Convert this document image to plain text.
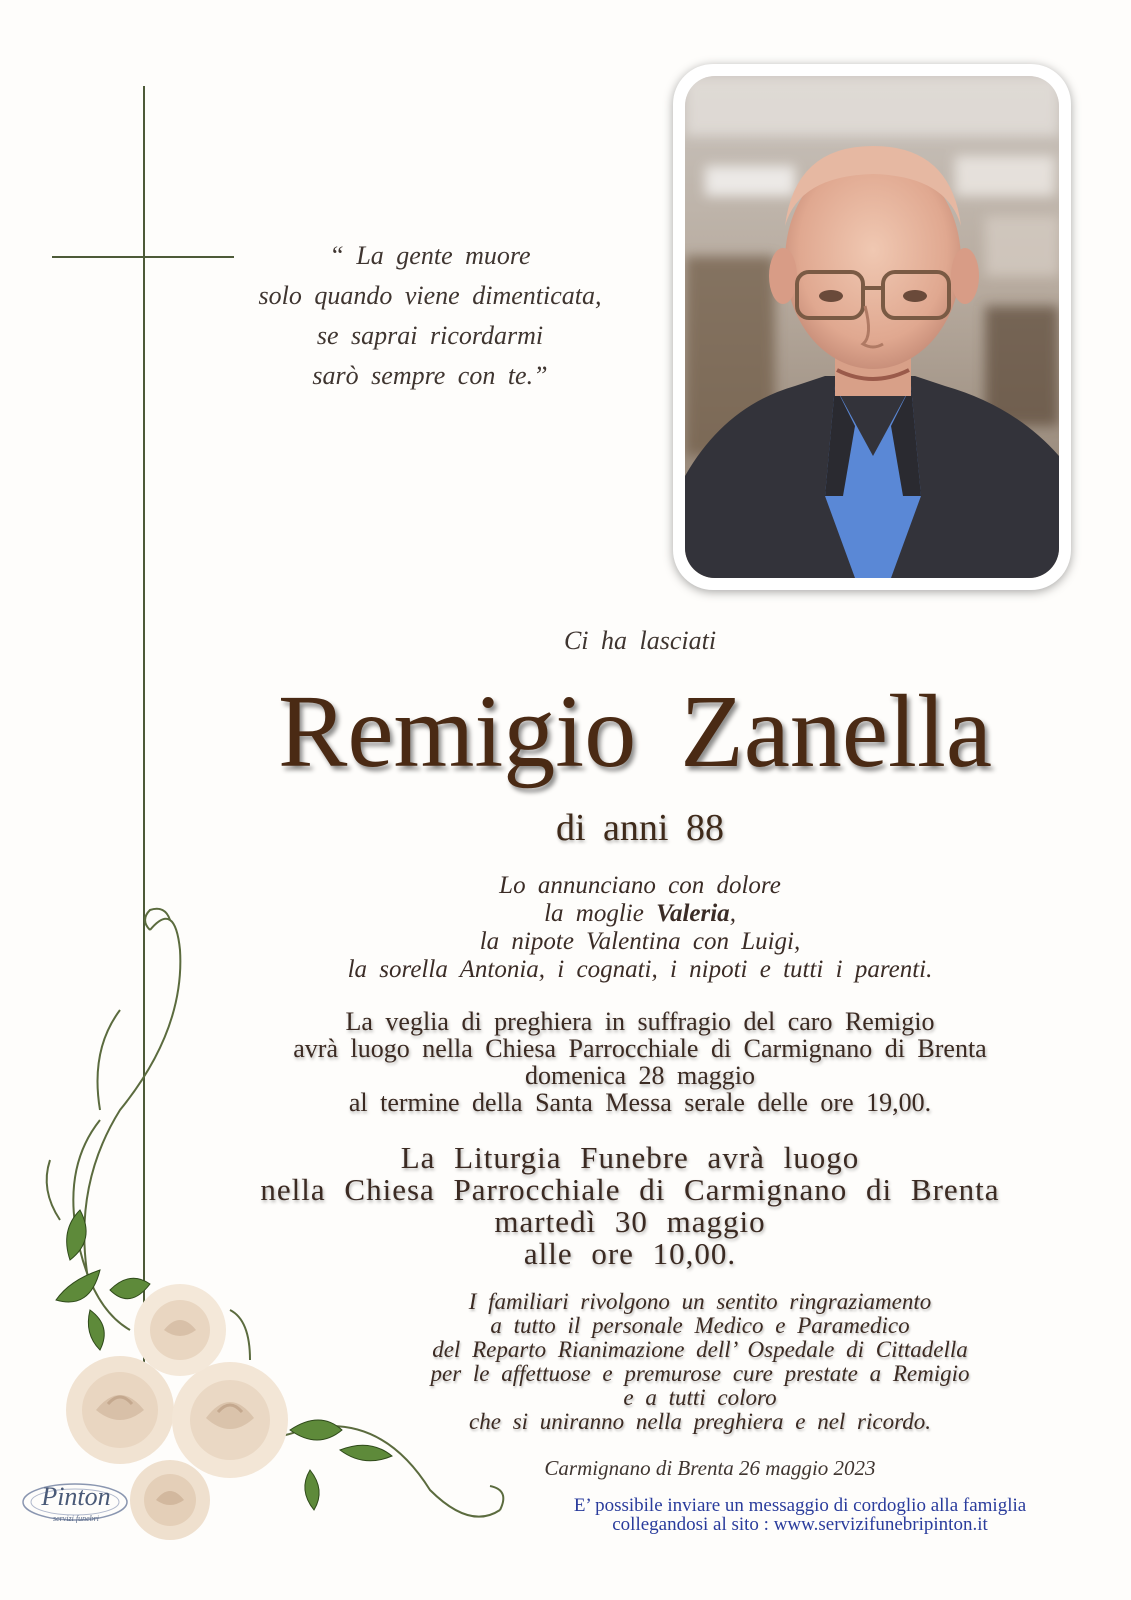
“ La gente muore
solo quando viene dimenticata,
se saprai ricordarmi
sarò sempre con te.”
Ci ha lasciati
Remigio Zanella
di anni 88
Lo annunciano con dolore
la moglie Valeria,
la nipote Valentina con Luigi,
la sorella Antonia, i cognati, i nipoti e tutti i parenti.
La veglia di preghiera in suffragio del caro Remigio
avrà luogo nella Chiesa Parrocchiale di Carmignano di Brenta
domenica 28 maggio
al termine della Santa Messa serale delle ore 19,00.
La Liturgia Funebre avrà luogo
nella Chiesa Parrocchiale di Carmignano di Brenta
martedì 30 maggio
alle ore 10,00.
I familiari rivolgono un sentito ringraziamento
a tutto il personale Medico e Paramedico
del Reparto Rianimazione dell’ Ospedale di Cittadella
per le affettuose e premurose cure prestate a Remigio
e a tutti coloro
che si uniranno nella preghiera e nel ricordo.
Carmignano di Brenta 26 maggio 2023
E’ possibile inviare un messaggio di cordoglio alla famiglia
collegandosi al sito : www.servizifunebripinton.it
Pinton
servizi funebri
